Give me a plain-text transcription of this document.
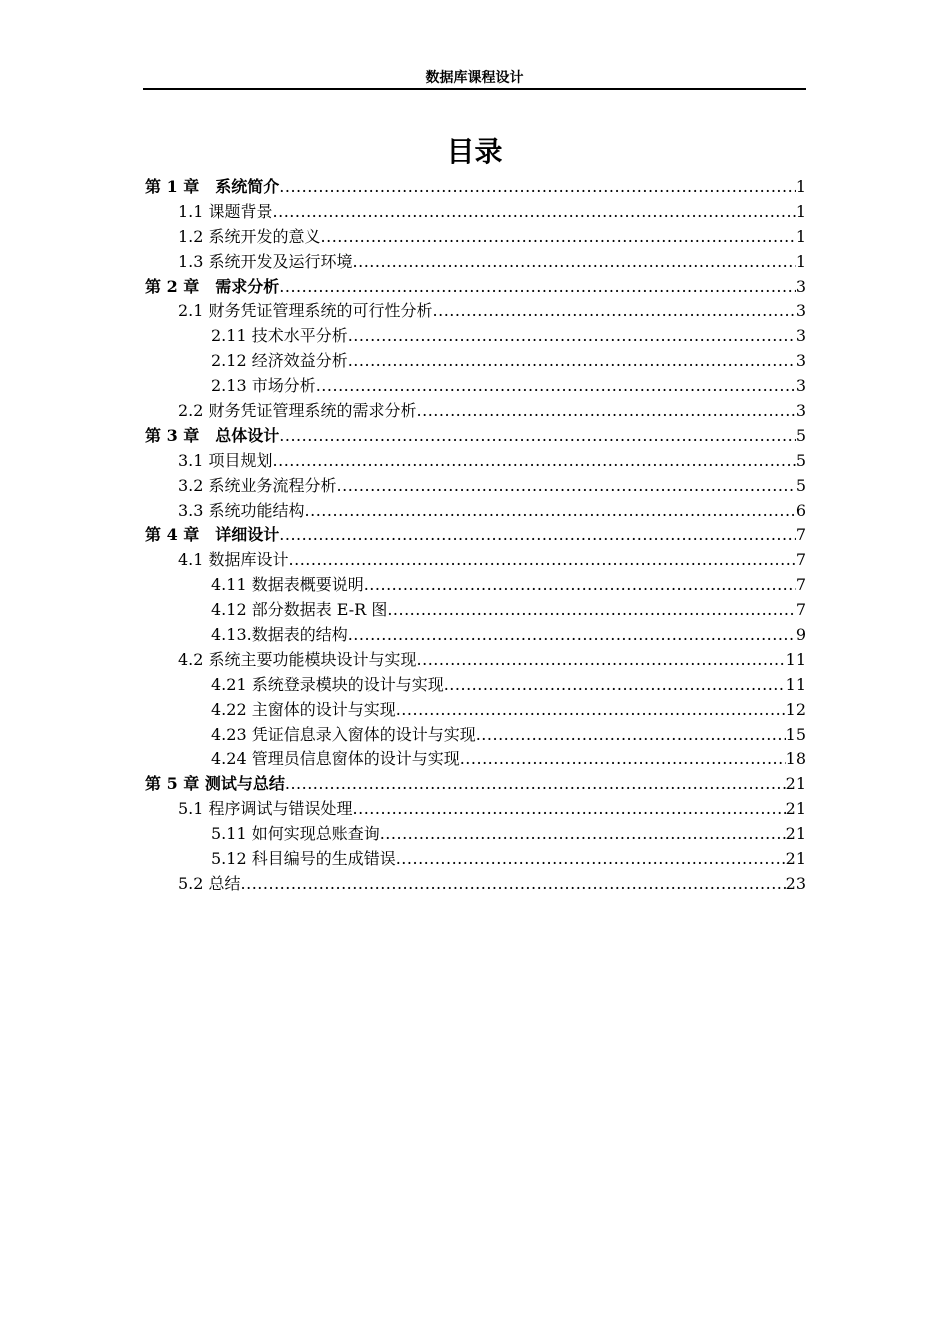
数据库课程设计
目录
第 1 章　系统简介 .....	1
1.1 课题背景 .....	1
1.2 系统开发的意义 .....	1
1.3 系统开发及运行环境 .....	1
第 2 章　需求分析 .....	3
2.1 财务凭证管理系统的可行性分析 .....	3
2.11 技术水平分析 .....	3
2.12 经济效益分析 .....	3
2.13 市场分析 .....	3
2.2 财务凭证管理系统的需求分析 .....	3
第 3 章　总体设计 .....	5
3.1 项目规划 .....	5
3.2 系统业务流程分析 .....	5
3.3 系统功能结构 .....	6
第 4 章　详细设计 .....	7
4.1 数据库设计 .....	7
4.11 数据表概要说明 .....	7
4.12 部分数据表 E-R 图 .....	7
4.13.数据表的结构 .....	9
4.2 系统主要功能模块设计与实现 .....	11
4.21 系统登录模块的设计与实现 .....	11
4.22 主窗体的设计与实现 .....	12
4.23 凭证信息录入窗体的设计与实现 .....	15
4.24 管理员信息窗体的设计与实现 .....	18
第 5 章 测试与总结 .....	21
5.1 程序调试与错误处理 .....	21
5.11 如何实现总账查询 .....	21
5.12 科目编号的生成错误 .....	21
5.2 总结 .....	23
